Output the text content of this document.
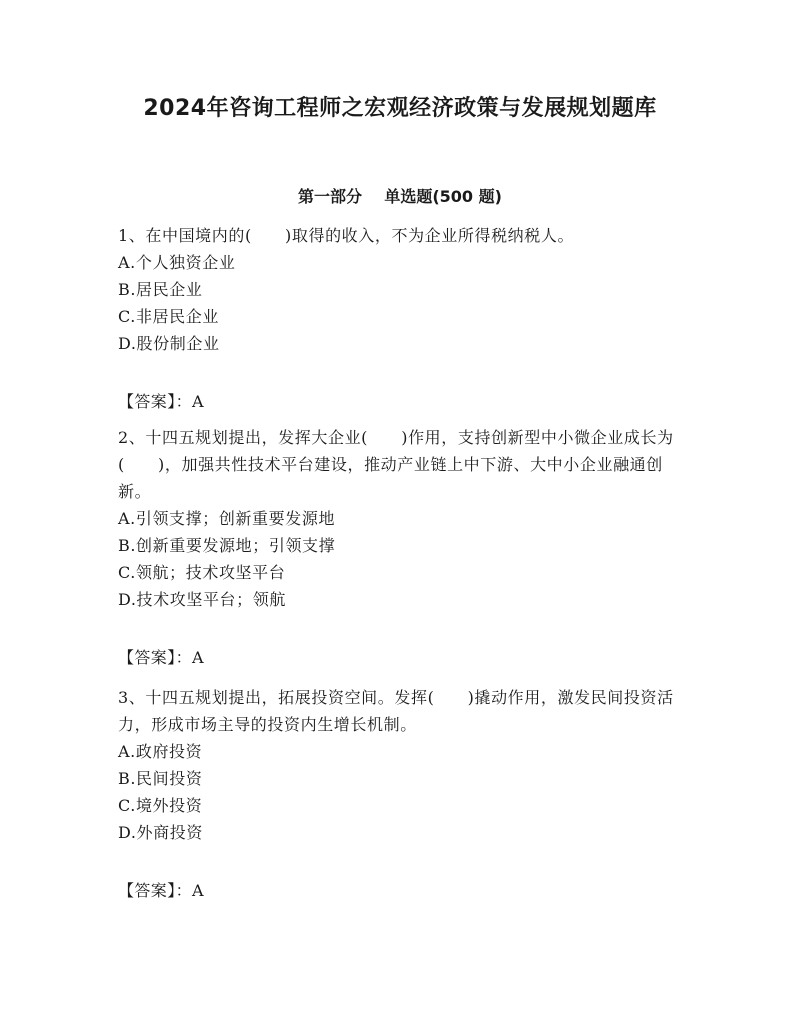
2024年咨询工程师之宏观经济政策与发展规划题库
第一部分    单选题(500 题)

1、在中国境内的(　　)取得的收入，不为企业所得税纳税人。

A.个人独资企业
B.居民企业
C.非居民企业
D.股份制企业
【答案】：A

2、十四五规划提出，发挥大企业(　　)作用，支持创新型中小微企业成长为(　　)，加强共性技术平台建设，推动产业链上中下游、大中小企业融通创新。

A.引领支撑；创新重要发源地
B.创新重要发源地；引领支撑
C.领航；技术攻坚平台
D.技术攻坚平台；领航
【答案】：A

3、十四五规划提出，拓展投资空间。发挥(　　)撬动作用，激发民间投资活力，形成市场主导的投资内生增长机制。

A.政府投资
B.民间投资
C.境外投资
D.外商投资
【答案】：A
